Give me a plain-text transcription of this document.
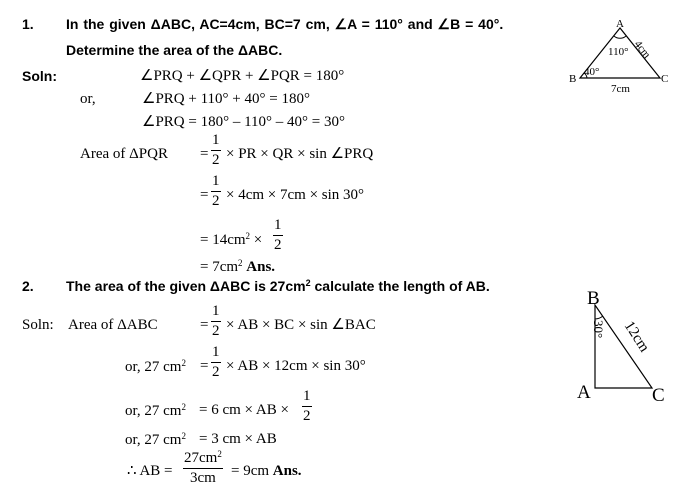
1. In the given ΔABC, AC=4cm, BC=7 cm, ∠A = 110° and ∠B = 40°.
Determine the area of the ΔABC.
A
B	C
110°
40°
4cm
7cm
Soln:	∠PRQ + ∠QPR + ∠PQR = 180°
or,	∠PRQ + 110° + 40° = 180°
∠PRQ = 180° – 110° – 40° = 30°
Area of $\Delta PQR = \frac{1}{2}$ × PR × QR × sin ∠PRQ
= $\frac{1}{2} \times 4cm \times 7cm \times \sin 30^\circ$
= $14cm^2 \times \frac{1}{2}$
= $7cm^2$ Ans.
2. The area of the given ΔABC is $27cm^2$ calculate the length of AB.
B
A	C
30° 12cm
Soln: Area of ΔABC	= $\frac{1}{2}$ × AB × BC × sin ∠BAC
or, 27 $cm^2 = \frac{1}{2}$ × AB × 12cm × sin 30°
or, 27 $cm^2 = 6$ cm × AB × $\frac{1}{2}$
or, 27 $cm^2 = 3$ cm × AB
∴ AB = $\frac{27cm^2}{3cm} = 9cm$ Ans.
